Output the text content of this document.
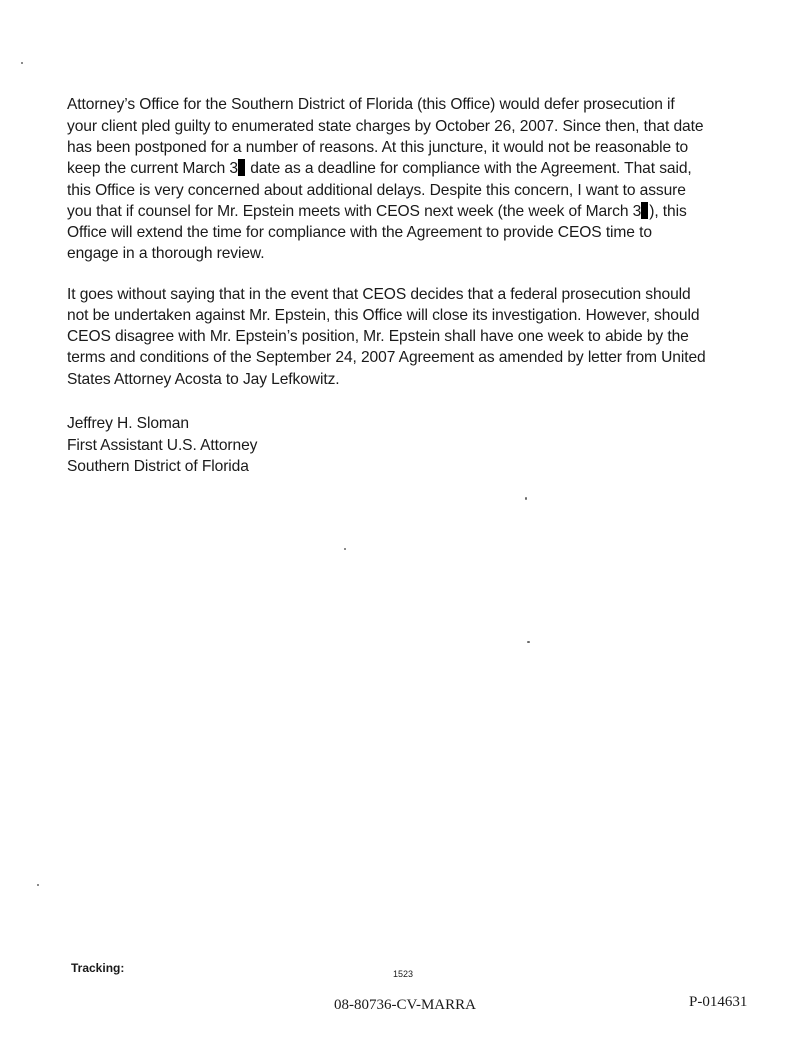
Attorney’s Office for the Southern District of Florida (this Office) would defer prosecution if
your client pled guilty to enumerated state charges by October 26, 2007. Since then, that date
has been postponed for a number of reasons. At this juncture, it would not be reasonable to
keep the current March 3 date as a deadline for compliance with the Agreement. That said,
this Office is very concerned about additional delays. Despite this concern, I want to assure
you that if counsel for Mr. Epstein meets with CEOS next week (the week of March 3 ), this
Office will extend the time for compliance with the Agreement to provide CEOS time to
engage in a thorough review.
It goes without saying that in the event that CEOS decides that a federal prosecution should
not be undertaken against Mr. Epstein, this Office will close its investigation. However, should
CEOS disagree with Mr. Epstein’s position, Mr. Epstein shall have one week to abide by the
terms and conditions of the September 24, 2007 Agreement as amended by letter from United
States Attorney Acosta to Jay Lefkowitz.
Jeffrey H. Sloman
First Assistant U.S. Attorney
Southern District of Florida
Tracking:	1523
08-80736-CV-MARRA	P-014631
